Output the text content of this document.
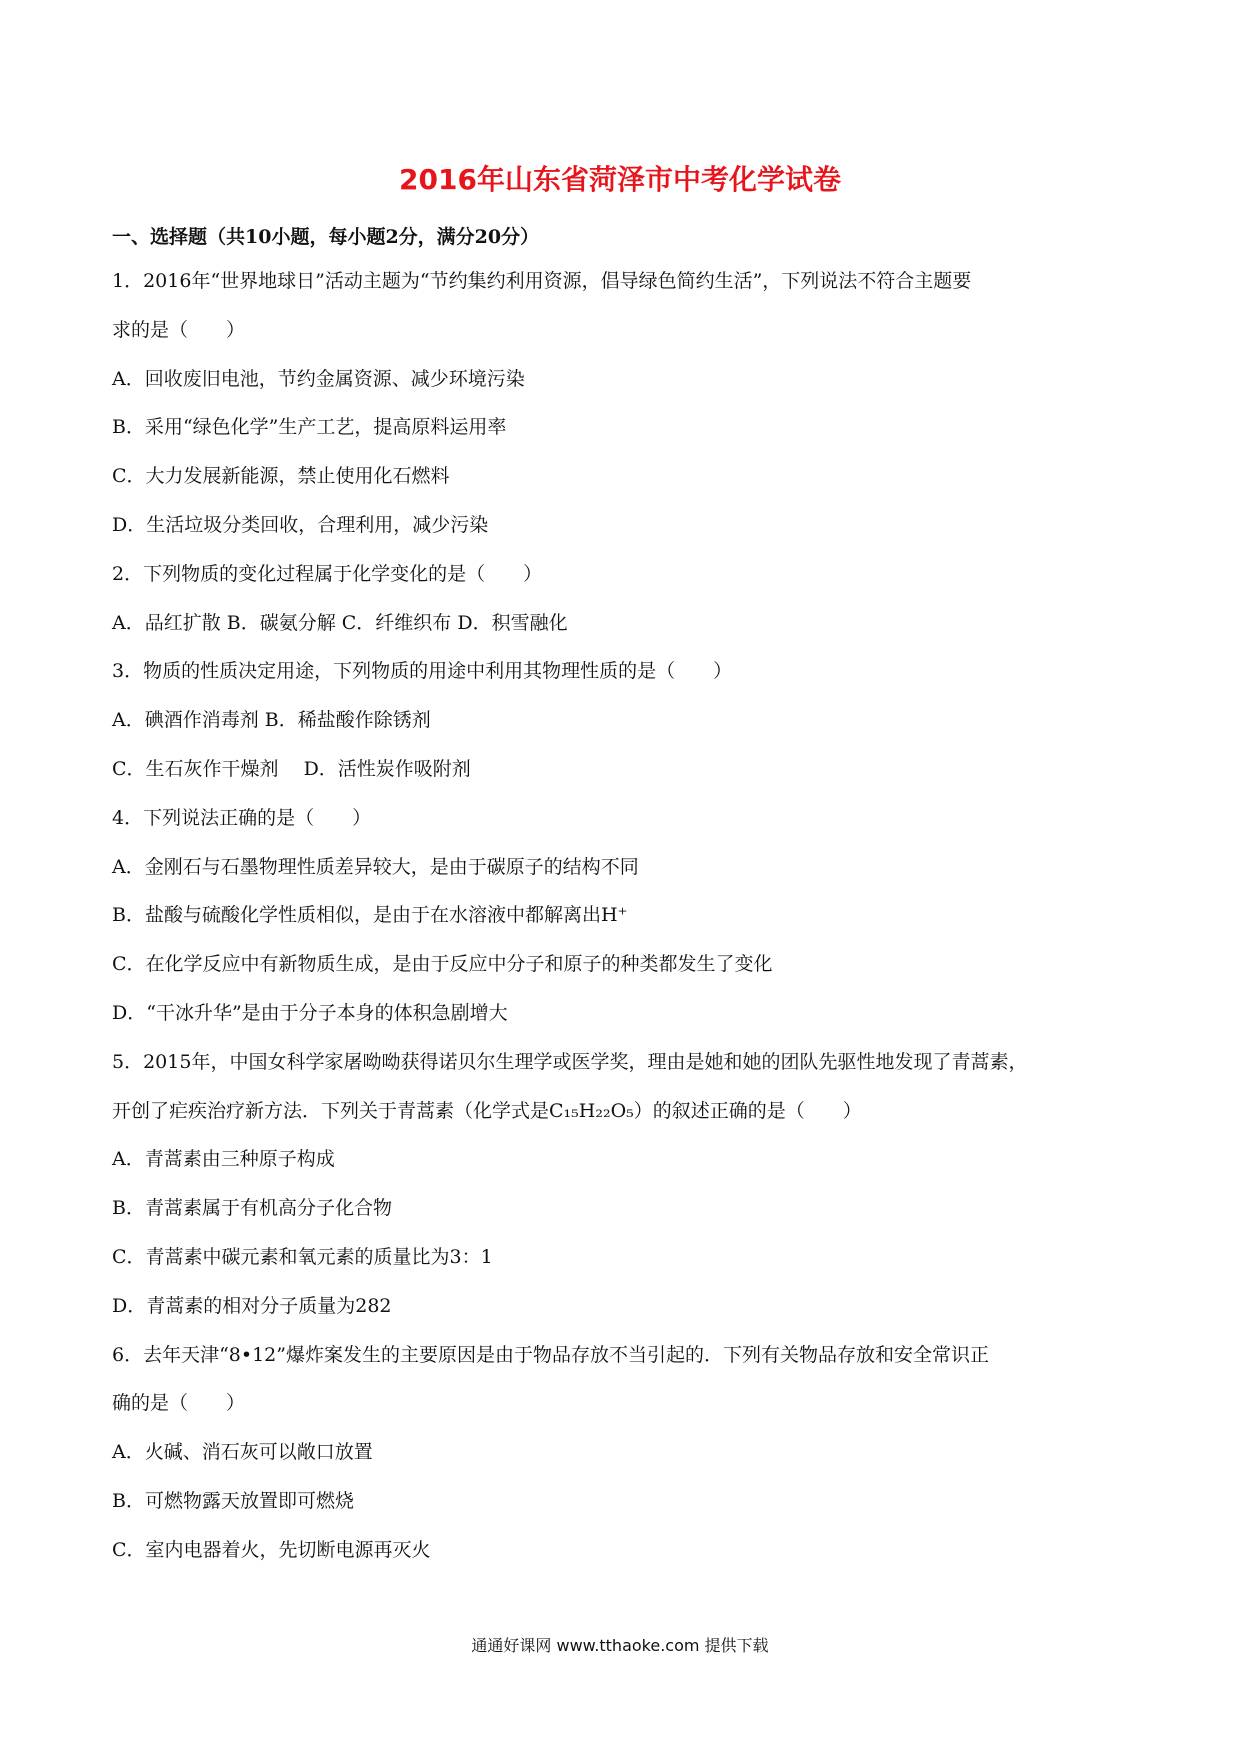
2016年山东省菏泽市中考化学试卷
一、选择题（共10小题，每小题2分，满分20分）
1．2016年“世界地球日”活动主题为“节约集约利用资源，倡导绿色简约生活”，下列说法不符合主题要
求的是（　　）
A．回收废旧电池，节约金属资源、减少环境污染
B．采用“绿色化学”生产工艺，提高原料运用率
C．大力发展新能源，禁止使用化石燃料
D．生活垃圾分类回收，合理利用，减少污染
2．下列物质的变化过程属于化学变化的是（　　）
A．品红扩散 B．碳氨分解 C．纤维织布 D．积雪融化
3．物质的性质决定用途，下列物质的用途中利用其物理性质的是（　　）
A．碘酒作消毒剂 B．稀盐酸作除锈剂
C．生石灰作干燥剂　 D．活性炭作吸附剂
4．下列说法正确的是（　　）
A．金刚石与石墨物理性质差异较大，是由于碳原子的结构不同
B．盐酸与硫酸化学性质相似，是由于在水溶液中都解离出H⁺
C．在化学反应中有新物质生成，是由于反应中分子和原子的种类都发生了变化
D．“干冰升华”是由于分子本身的体积急剧增大
5．2015年，中国女科学家屠呦呦获得诺贝尔生理学或医学奖，理由是她和她的团队先驱性地发现了青蒿素，
开创了疟疾治疗新方法．下列关于青蒿素（化学式是C₁₅H₂₂O₅）的叙述正确的是（　　）
A．青蒿素由三种原子构成
B．青蒿素属于有机高分子化合物
C．青蒿素中碳元素和氧元素的质量比为3：1
D．青蒿素的相对分子质量为282
6．去年天津“8•12”爆炸案发生的主要原因是由于物品存放不当引起的．下列有关物品存放和安全常识正
确的是（　　）
A．火碱、消石灰可以敞口放置
B．可燃物露天放置即可燃烧
C．室内电器着火，先切断电源再灭火
通通好课网 www.tthaoke.com 提供下载
